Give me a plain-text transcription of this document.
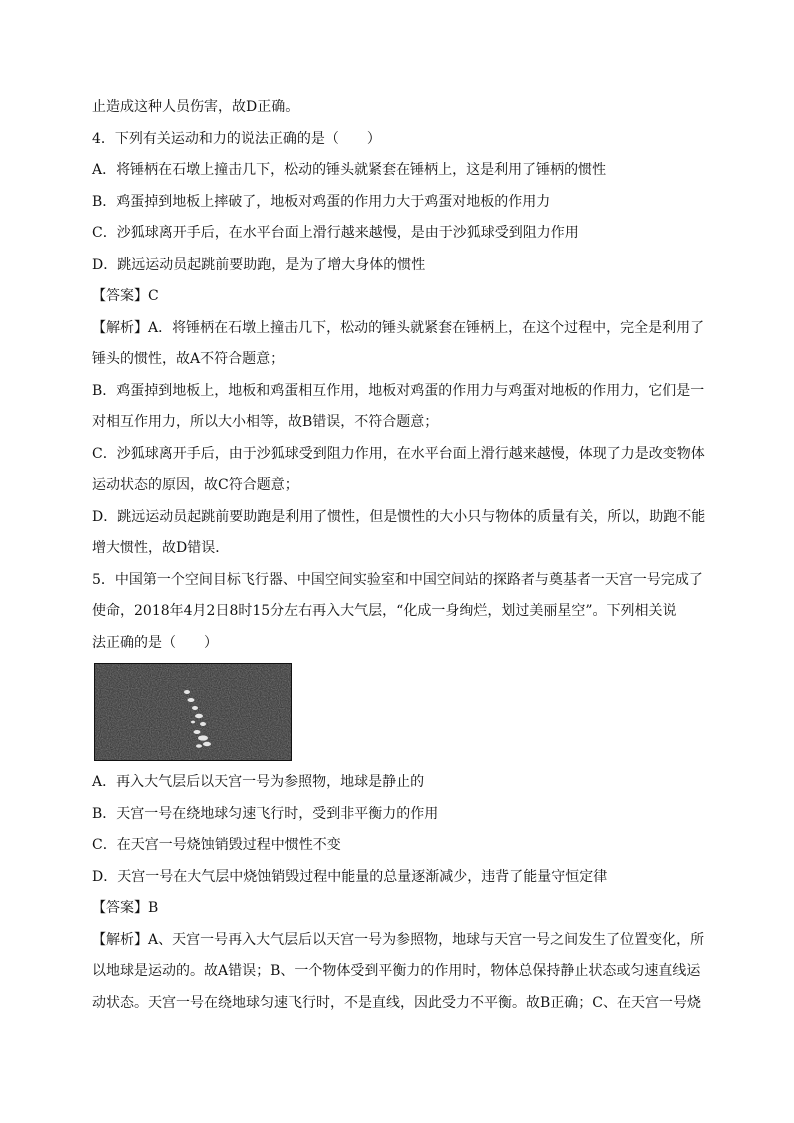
止造成这种人员伤害，故D正确。
4．下列有关运动和力的说法正确的是（　　）
A．将锤柄在石墩上撞击几下，松动的锤头就紧套在锤柄上，这是利用了锤柄的惯性
B．鸡蛋掉到地板上摔破了，地板对鸡蛋的作用力大于鸡蛋对地板的作用力
C．沙狐球离开手后，在水平台面上滑行越来越慢，是由于沙狐球受到阻力作用
D．跳远运动员起跳前要助跑，是为了增大身体的惯性
【答案】C
【解析】A．将锤柄在石墩上撞击几下，松动的锤头就紧套在锤柄上，在这个过程中，完全是利用了
锤头的惯性，故A不符合题意；
B．鸡蛋掉到地板上，地板和鸡蛋相互作用，地板对鸡蛋的作用力与鸡蛋对地板的作用力，它们是一
对相互作用力，所以大小相等，故B错误，不符合题意；
C．沙狐球离开手后，由于沙狐球受到阻力作用，在水平台面上滑行越来越慢，体现了力是改变物体
运动状态的原因，故C符合题意；
D．跳远运动员起跳前要助跑是利用了惯性，但是惯性的大小只与物体的质量有关，所以，助跑不能
增大惯性，故D错误．
5．中国第一个空间目标飞行器、中国空间实验室和中国空间站的探路者与奠基者一天宫一号完成了
使命，2018年4月2日8时15分左右再入大气层，“化成一身绚烂，划过美丽星空”。下列相关说
法正确的是（　　）
A．再入大气层后以天宫一号为参照物，地球是静止的
B．天宫一号在绕地球匀速飞行时，受到非平衡力的作用
C．在天宫一号烧蚀销毁过程中惯性不变
D．天宫一号在大气层中烧蚀销毁过程中能量的总量逐渐减少，违背了能量守恒定律
【答案】B
【解析】A、天宫一号再入大气层后以天宫一号为参照物，地球与天宫一号之间发生了位置变化，所
以地球是运动的。故A错误；B、一个物体受到平衡力的作用时，物体总保持静止状态或匀速直线运
动状态。天宫一号在绕地球匀速飞行时，不是直线，因此受力不平衡。故B正确；C、在天宫一号烧
